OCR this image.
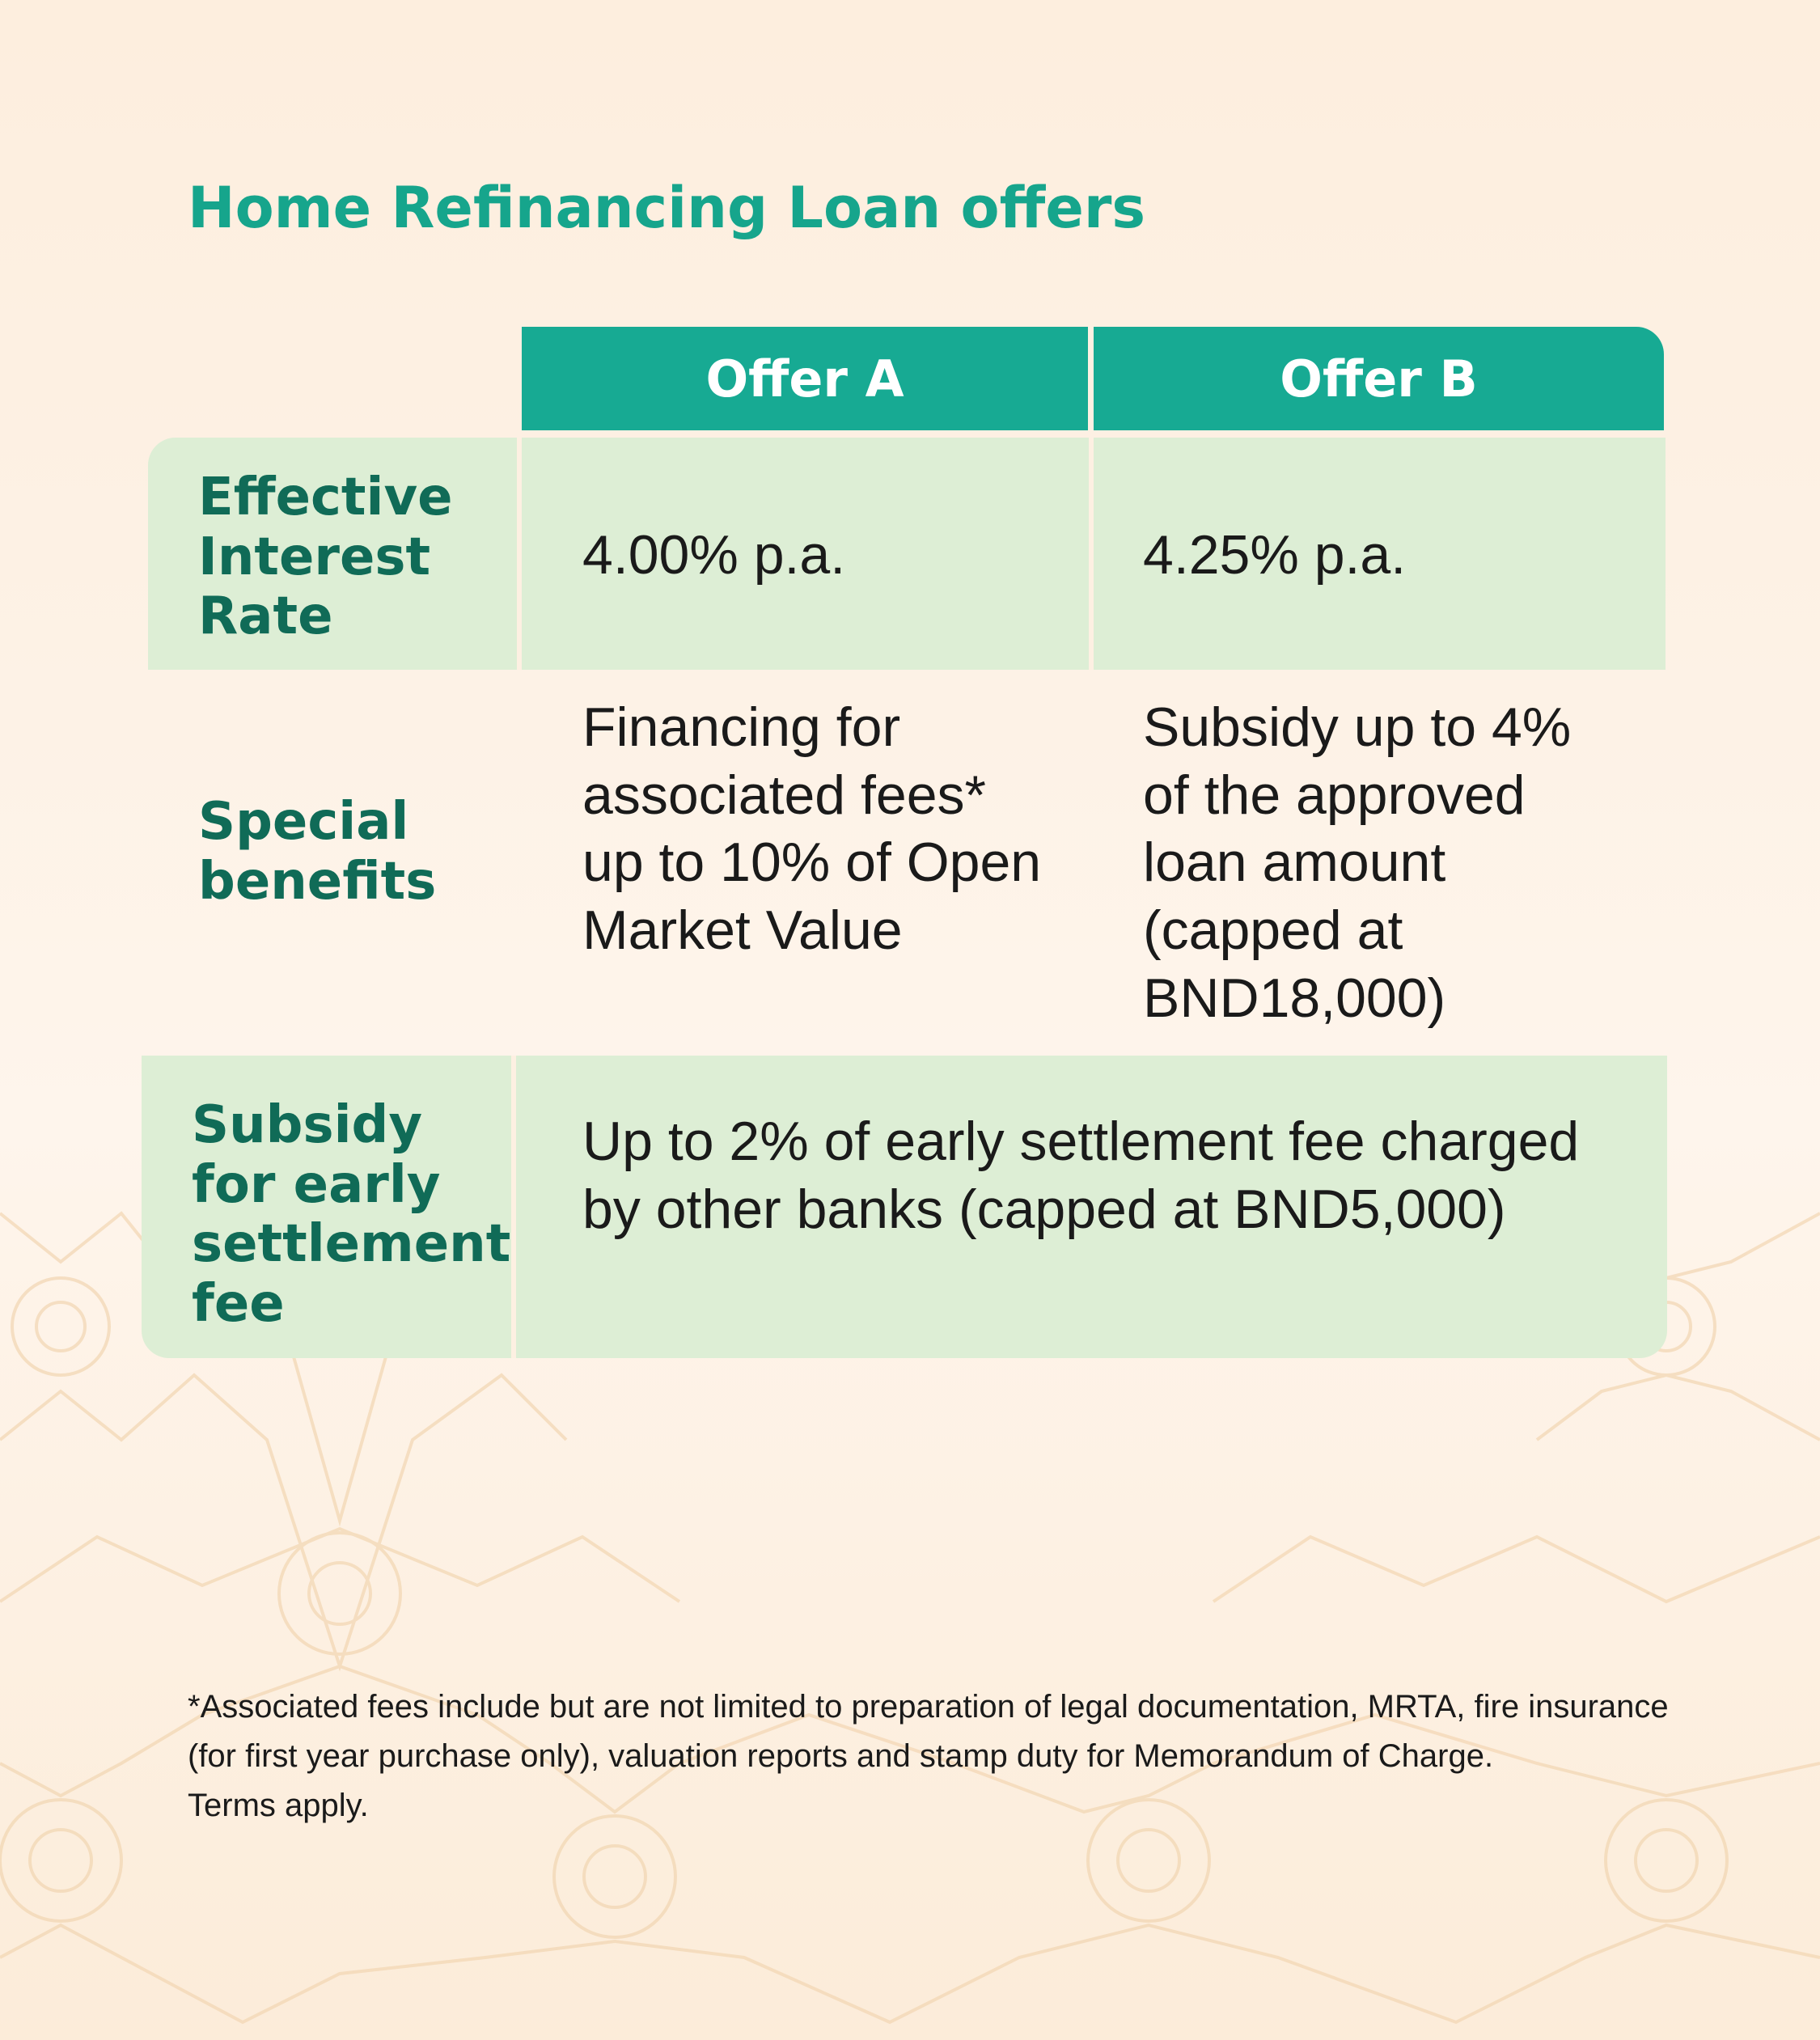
Home Refinancing Loan offers
Offer A	Offer B
Effective Interest Rate
4.00% p.a.	4.25% p.a.
Special benefits
Financing for associated fees* up to 10% of Open Market Value
Subsidy up to 4% of the approved loan amount (capped at BND18,000)
Subsidy for early settlement fee
Up to 2% of early settlement fee charged by other banks (capped at BND5,000)

*Associated fees include but are not limited to preparation of legal documentation, MRTA, fire insurance (for first year purchase only), valuation reports and stamp duty for Memorandum of Charge.

Terms apply.
